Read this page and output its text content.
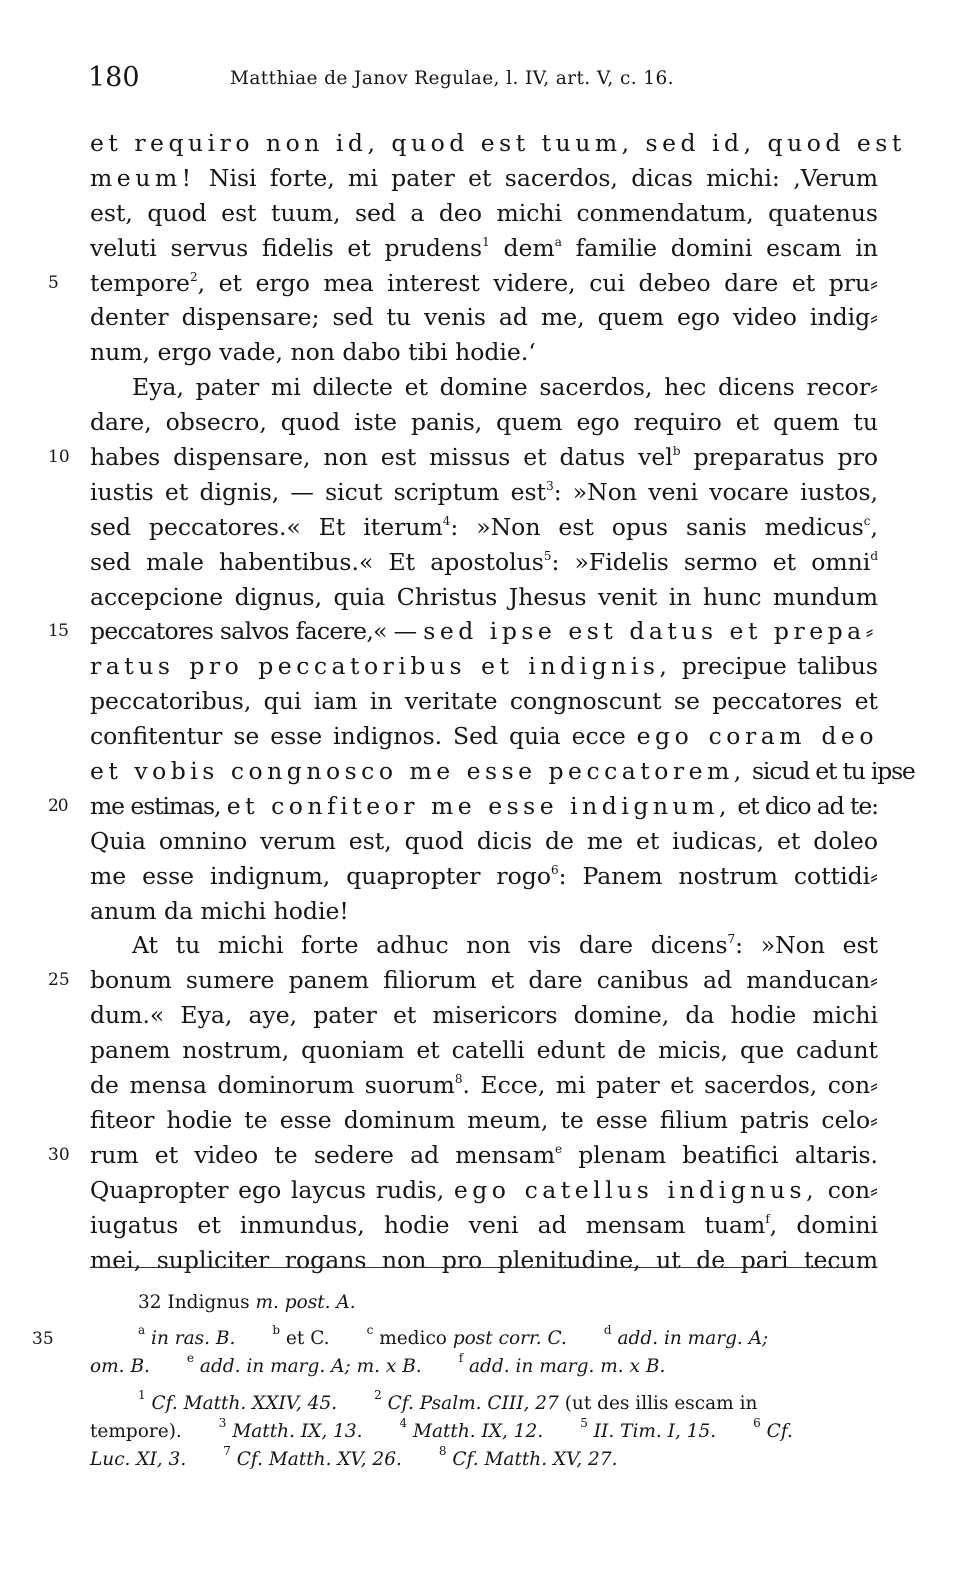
180	Matthiae de Janov Regulae, l. IV, art. V, c. 16.
et requiro non id, quod est tuum, sed id, quod est
meum! Nisi forte, mi pater et sacerdos, dicas michi: ‚Verum
est, quod est tuum, sed a deo michi conmendatum, quatenus
veluti servus fidelis et prudens$^1$ dem$^a$ familie domini escam in
5	tempore$^2$, et ergo mea interest videre, cui debeo dare et pru⸗
denter dispensare; sed tu venis ad me, quem ego video indig⸗
num, ergo vade, non dabo tibi hodie.‘
Eya, pater mi dilecte et domine sacerdos, hec dicens recor⸗
dare, obsecro, quod iste panis, quem ego requiro et quem tu
10 habes dispensare, non est missus et datus vel$^b$ preparatus pro
iustis et dignis, — sicut scriptum est$^3$: »Non veni vocare iustos,
sed peccatores.« Et iterum$^4$: »Non est opus sanis medicus$^c$,
sed male habentibus.« Et apostolus$^5$: »Fidelis sermo et omni$^d$
accepcione dignus, quia Christus Jhesus venit in hunc mundum
15 peccatores salvos facere,« — sed ipse est datus et prepa⸗
ratus pro peccatoribus et indignis, precipue talibus
peccatoribus, qui iam in veritate congnoscunt se peccatores et
confitentur se esse indignos. Sed quia ecce ego coram deo
et vobis congnosco me esse peccatorem, sicud et tu ipse
20 me estimas, et confiteor me esse indignum, et dico ad te:
Quia omnino verum est, quod dicis de me et iudicas, et doleo
me esse indignum, quapropter rogo$^6$: Panem nostrum cottidi⸗
anum da michi hodie!
At tu michi forte adhuc non vis dare dicens$^7$: »Non est
25 bonum sumere panem filiorum et dare canibus ad manducan⸗
dum.« Eya, aye, pater et misericors domine, da hodie michi
panem nostrum, quoniam et catelli edunt de micis, que cadunt
de mensa dominorum suorum$^8$. Ecce, mi pater et sacerdos, con⸗
fiteor hodie te esse dominum meum, te esse filium patris celo⸗
30 rum et video te sedere ad mensam$^e$ plenam beatifici altaris.
Quapropter ego laycus rudis, ego catellus indignus, con⸗
iugatus et inmundus, hodie veni ad mensam tuam$^f$, domini
mei, supliciter rogans non pro plenitudine, ut de pari tecum
32 Indignus m. post. A.
35	$^a$ in ras. B.  	$^b$ et C.  	$^c$ medico post corr. C.  	$^d$ add. in marg. A;
om. B.  	$^e$ add. in marg. A; m. x B.  	$^f$ add. in marg. m. x B.
$^1$ Cf. Matth. XXIV, 45.  	$^2$ Cf. Psalm. CIII, 27 (ut des illis escam in
tempore).  	$^3$ Matth. IX, 13.  	$^4$ Matth. IX, 12.  	$^5$ II. Tim. I, 15.  	$^6$ Cf.
Luc. XI, 3.  	$^7$ Cf. Matth. XV, 26.  	$^8$ Cf. Matth. XV, 27.
